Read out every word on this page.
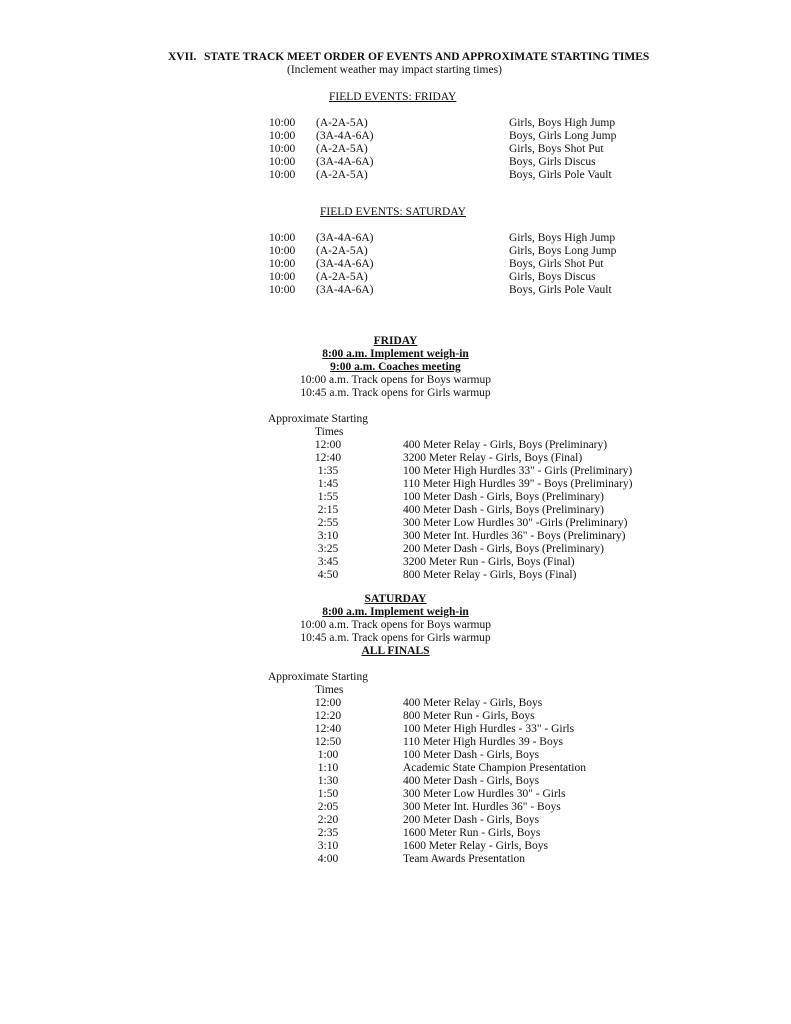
XVII. STATE TRACK MEET ORDER OF EVENTS AND APPROXIMATE STARTING TIMES
(Inclement weather may impact starting times)
FIELD EVENTS: FRIDAY
10:00 (A-2A-5A)	Girls, Boys High Jump
10:00 (3A-4A-6A)	Boys, Girls Long Jump
10:00 (A-2A-5A)	Girls, Boys Shot Put
10:00 (3A-4A-6A)	Boys, Girls Discus
10:00 (A-2A-5A)	Boys, Girls Pole Vault
FIELD EVENTS: SATURDAY
10:00 (3A-4A-6A)	Girls, Boys High Jump
10:00 (A-2A-5A)	Girls, Boys Long Jump
10:00 (3A-4A-6A)	Boys, Girls Shot Put
10:00 (A-2A-5A)	Girls, Boys Discus
10:00 (3A-4A-6A)	Boys, Girls Pole Vault
FRIDAY
8:00 a.m. Implement weigh-in
9:00 a.m. Coaches meeting
10:00 a.m. Track opens for Boys warmup
10:45 a.m. Track opens for Girls warmup
Approximate Starting
Times
12:00	400 Meter Relay - Girls, Boys (Preliminary)
12:40	3200 Meter Relay - Girls, Boys (Final)
1:35	100 Meter High Hurdles 33" - Girls (Preliminary)
1:45	110 Meter High Hurdles 39" - Boys (Preliminary)
1:55	100 Meter Dash - Girls, Boys (Preliminary)
2:15	400 Meter Dash - Girls, Boys (Preliminary)
2:55	300 Meter Low Hurdles 30" -Girls (Preliminary)
3:10	300 Meter Int. Hurdles 36" - Boys (Preliminary)
3:25	200 Meter Dash - Girls, Boys (Preliminary)
3:45	3200 Meter Run - Girls, Boys (Final)
4:50	800 Meter Relay - Girls, Boys (Final)
SATURDAY
8:00 a.m. Implement weigh-in
10:00 a.m. Track opens for Boys warmup
10:45 a.m. Track opens for Girls warmup
ALL FINALS
Approximate Starting
Times
12:00	400 Meter Relay - Girls, Boys
12:20	800 Meter Run - Girls, Boys
12:40	100 Meter High Hurdles - 33" - Girls
12:50	110 Meter High Hurdles 39 - Boys
1:00	100 Meter Dash - Girls, Boys
1:10	Academic State Champion Presentation
1:30	400 Meter Dash - Girls, Boys
1:50	300 Meter Low Hurdles 30" - Girls
2:05	300 Meter Int. Hurdles 36" - Boys
2:20	200 Meter Dash - Girls, Boys
2:35	1600 Meter Run - Girls, Boys
3:10	1600 Meter Relay - Girls, Boys
4:00	Team Awards Presentation
